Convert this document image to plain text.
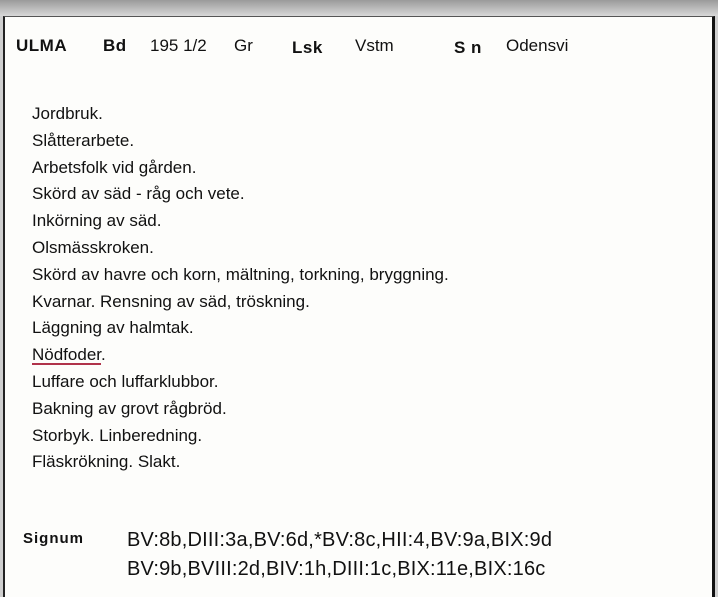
ULMA Bd 195 1/2 Gr Lsk Vstm	S n Odensvi
Jordbruk.
Slåtterarbete.
Arbetsfolk vid gården.
Skörd av säd - råg och vete.
Inkörning av säd.
Olsmässkroken.
Skörd av havre och korn, mältning, torkning, bryggning.
Kvarnar. Rensning av säd, tröskning.
Läggning av halmtak.
Nödfoder.
Luffare och luffarklubbor.
Bakning av grovt rågbröd.
Storbyk. Linberedning.
Fläskrökning. Slakt.
Signum BV:8b,DIII:3a,BV:6d,*BV:8c,HII:4,BV:9a,BIX:9d
BV:9b,BVIII:2d,BIV:1h,DIII:1c,BIX:11e,BIX:16c
